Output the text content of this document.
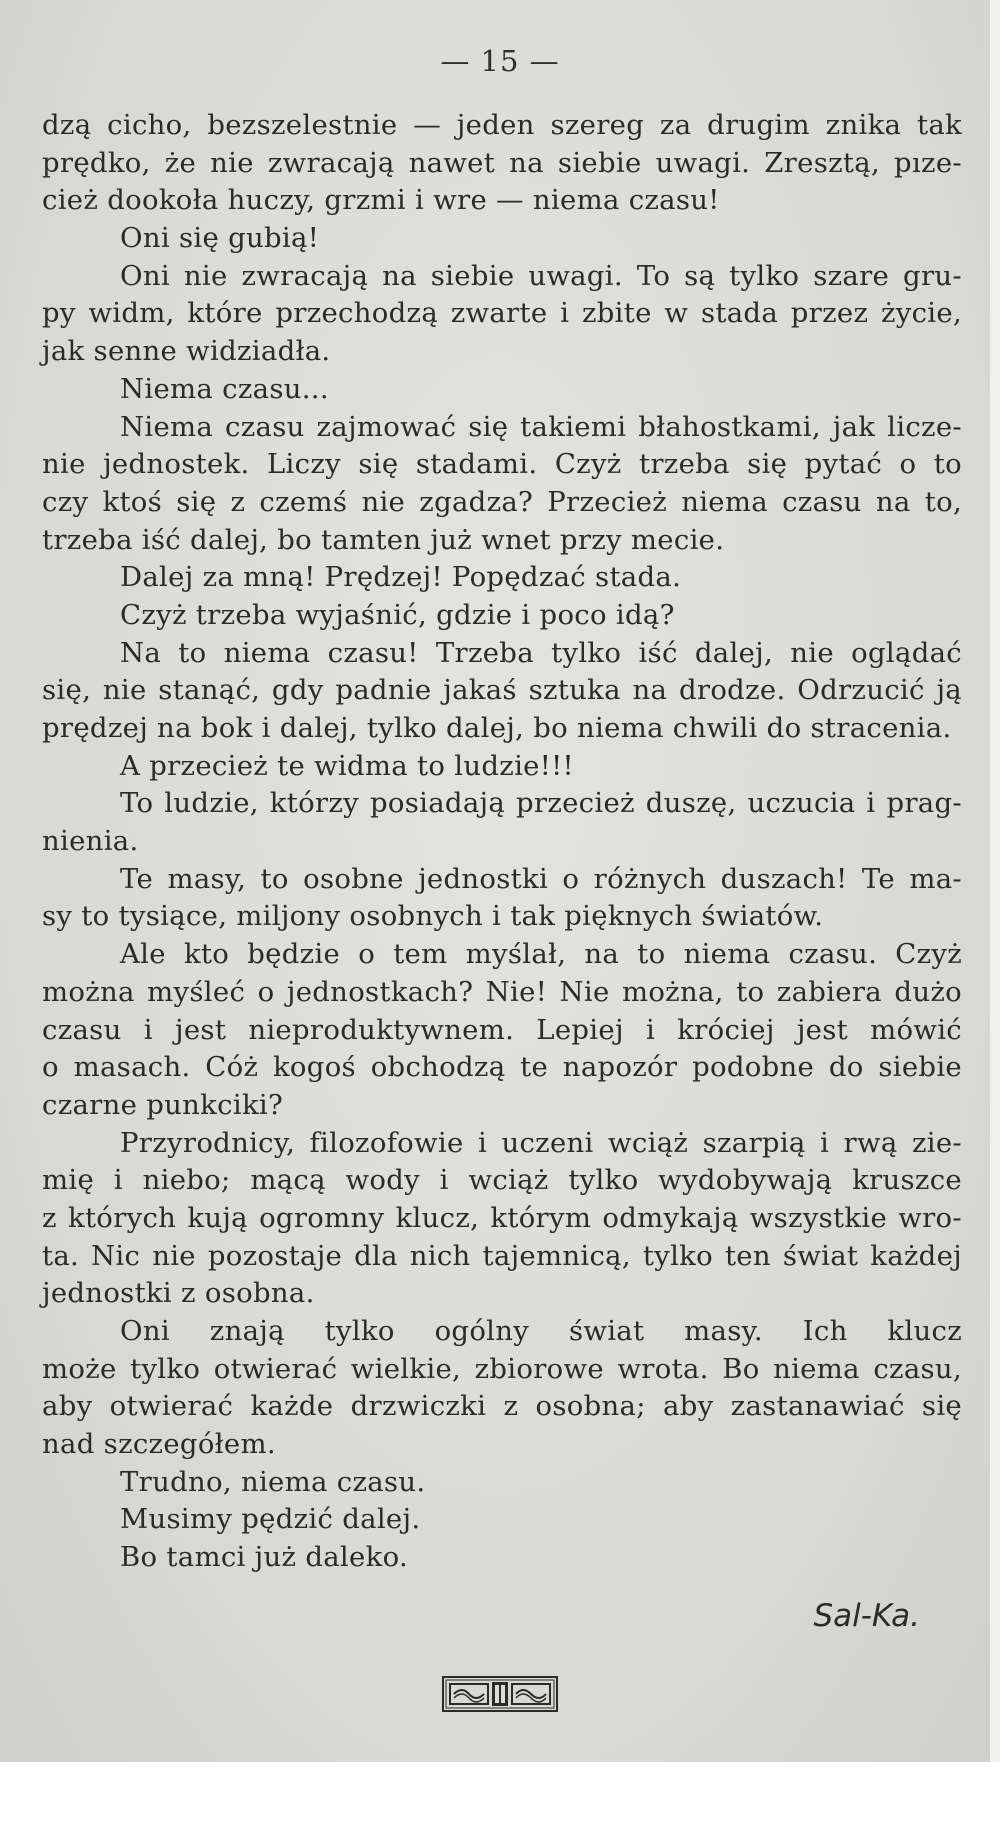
— 15 —
dzą cicho, bezszelestnie — jeden szereg za drugim znika tak
prędko, że nie zwracają nawet na siebie uwagi. Zresztą, pıze-
cież dookoła huczy, grzmi i wre — niema czasu!
Oni się gubią!
Oni nie zwracają na siebie uwagi. To są tylko szare gru-
py widm, które przechodzą zwarte i zbite w stada przez życie,
jak senne widziadła.
Niema czasu...
Niema czasu zajmować się takiemi błahostkami, jak licze-
nie jednostek. Liczy się stadami. Czyż trzeba się pytać o to
czy ktoś się z czemś nie zgadza? Przecież niema czasu na to,
trzeba iść dalej, bo tamten już wnet przy mecie.
Dalej za mną! Prędzej! Popędzać stada.
Czyż trzeba wyjaśnić, gdzie i poco idą?
Na to niema czasu! Trzeba tylko iść dalej, nie oglądać
się, nie stanąć, gdy padnie jakaś sztuka na drodze. Odrzucić ją
prędzej na bok i dalej, tylko dalej, bo niema chwili do stracenia.
A przecież te widma to ludzie!!!
To ludzie, którzy posiadają przecież duszę, uczucia i prag-
nienia.
Te masy, to osobne jednostki o różnych duszach! Te ma-
sy to tysiące, miljony osobnych i tak pięknych światów.
Ale kto będzie o tem myślał, na to niema czasu. Czyż
można myśleć o jednostkach? Nie! Nie można, to zabiera dużo
czasu i jest nieproduktywnem. Lepiej i króciej jest mówić
o masach. Cóż kogoś obchodzą te napozór podobne do siebie
czarne punkciki?
Przyrodnicy, filozofowie i uczeni wciąż szarpią i rwą zie-
mię i niebo; mącą wody i wciąż tylko wydobywają kruszce
z których kują ogromny klucz, którym odmykają wszystkie wro-
ta. Nic nie pozostaje dla nich tajemnicą, tylko ten świat każdej
jednostki z osobna.
Oni znają tylko ogólny świat masy. Ich klucz
może tylko otwierać wielkie, zbiorowe wrota. Bo niema czasu,
aby otwierać każde drzwiczki z osobna; aby zastanawiać się
nad szczegółem.
Trudno, niema czasu.
Musimy pędzić dalej.
Bo tamci już daleko.
Sal-Ka.
